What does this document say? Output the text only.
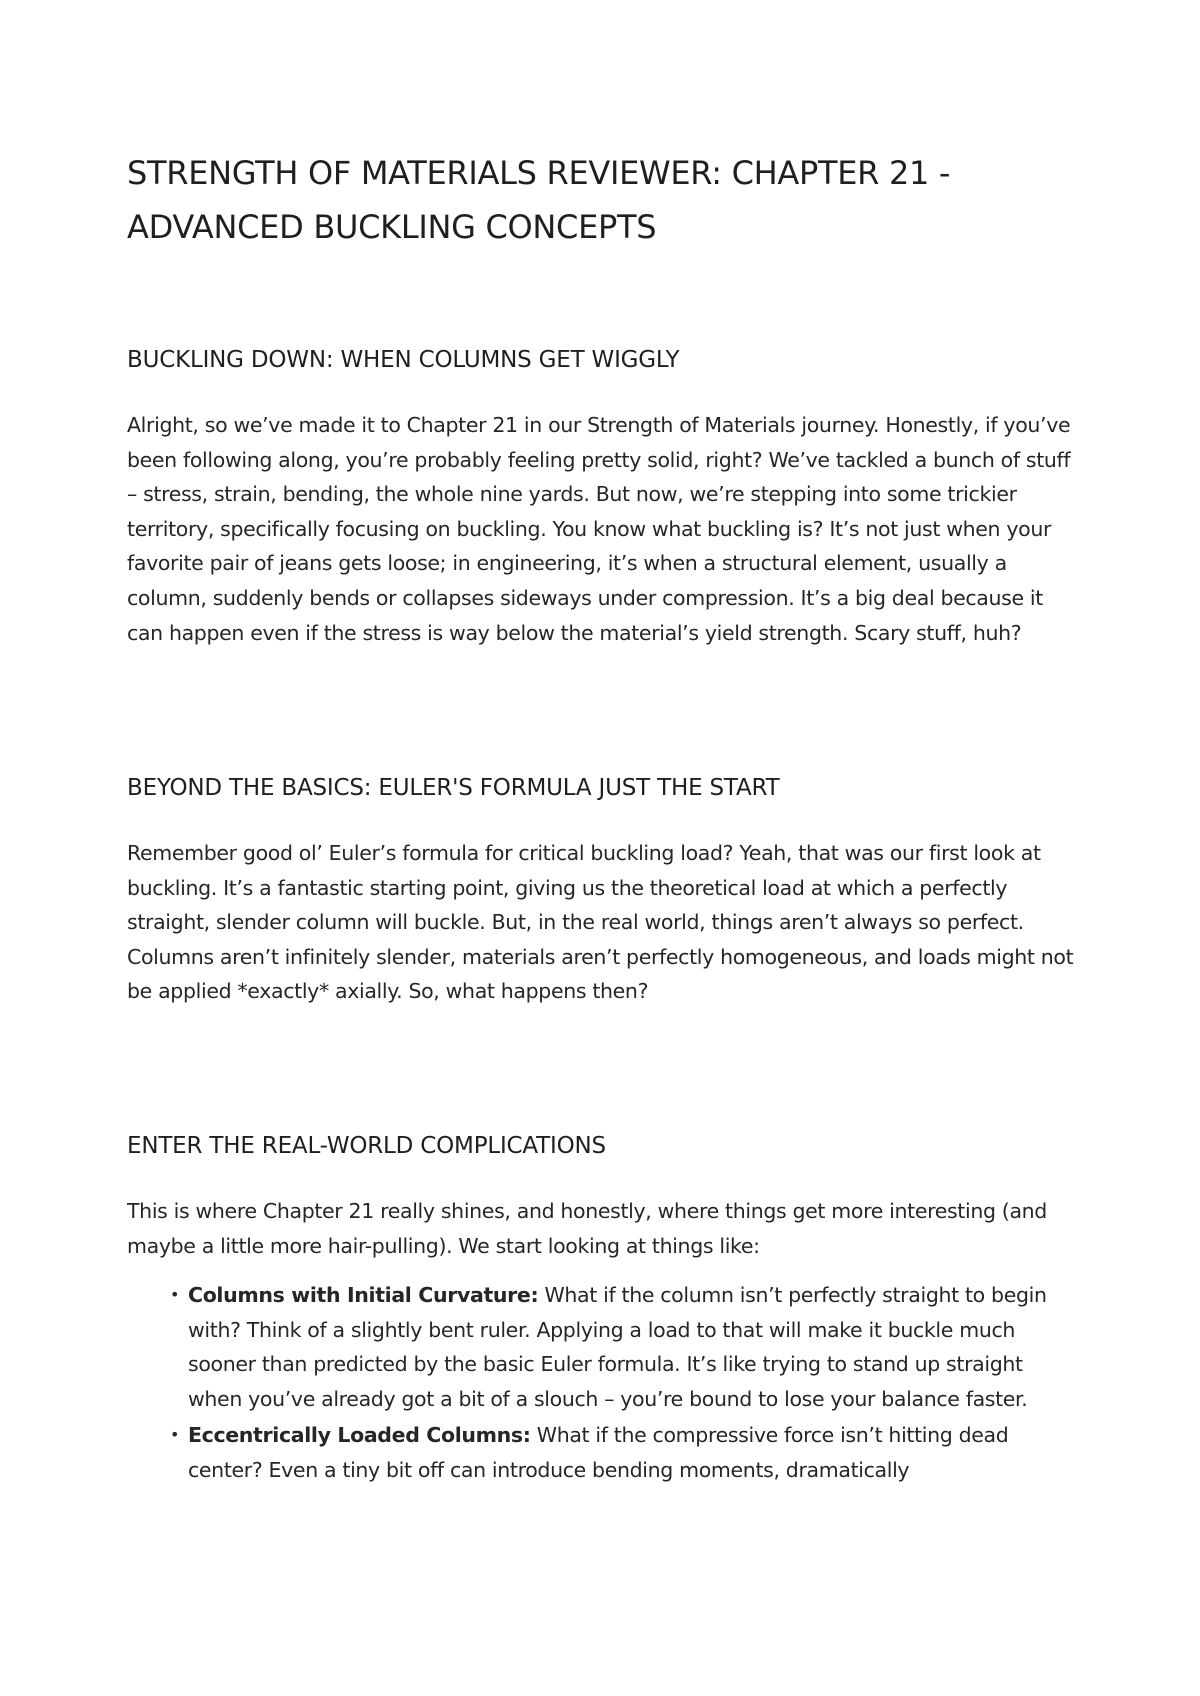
STRENGTH OF MATERIALS REVIEWER: CHAPTER 21 - ADVANCED BUCKLING CONCEPTS
BUCKLING DOWN: WHEN COLUMNS GET WIGGLY

Alright, so we’ve made it to Chapter 21 in our Strength of Materials journey. Honestly, if you’ve been following along, you’re probably feeling pretty solid, right? We’ve tackled a bunch of stuff – stress, strain, bending, the whole nine yards. But now, we’re stepping into some trickier territory, specifically focusing on buckling. You know what buckling is? It’s not just when your favorite pair of jeans gets loose; in engineering, it’s when a structural element, usually a column, suddenly bends or collapses sideways under compression. It’s a big deal because it can happen even if the stress is way below the material’s yield strength. Scary stuff, huh?

BEYOND THE BASICS: EULER'S FORMULA JUST THE START

Remember good ol’ Euler’s formula for critical buckling load? Yeah, that was our first look at buckling. It’s a fantastic starting point, giving us the theoretical load at which a perfectly straight, slender column will buckle. But, in the real world, things aren’t always so perfect. Columns aren’t infinitely slender, materials aren’t perfectly homogeneous, and loads might not be applied *exactly* axially. So, what happens then?

ENTER THE REAL-WORLD COMPLICATIONS

This is where Chapter 21 really shines, and honestly, where things get more interesting (and maybe a little more hair-pulling). We start looking at things like:

• Columns with Initial Curvature: What if the column isn’t perfectly straight to begin with? Think of a slightly bent ruler. Applying a load to that will make it buckle much sooner than predicted by the basic Euler formula. It’s like trying to stand up straight when you’ve already got a bit of a slouch – you’re bound to lose your balance faster.
• Eccentrically Loaded Columns: What if the compressive force isn’t hitting dead center? Even a tiny bit off can introduce bending moments, dramatically
